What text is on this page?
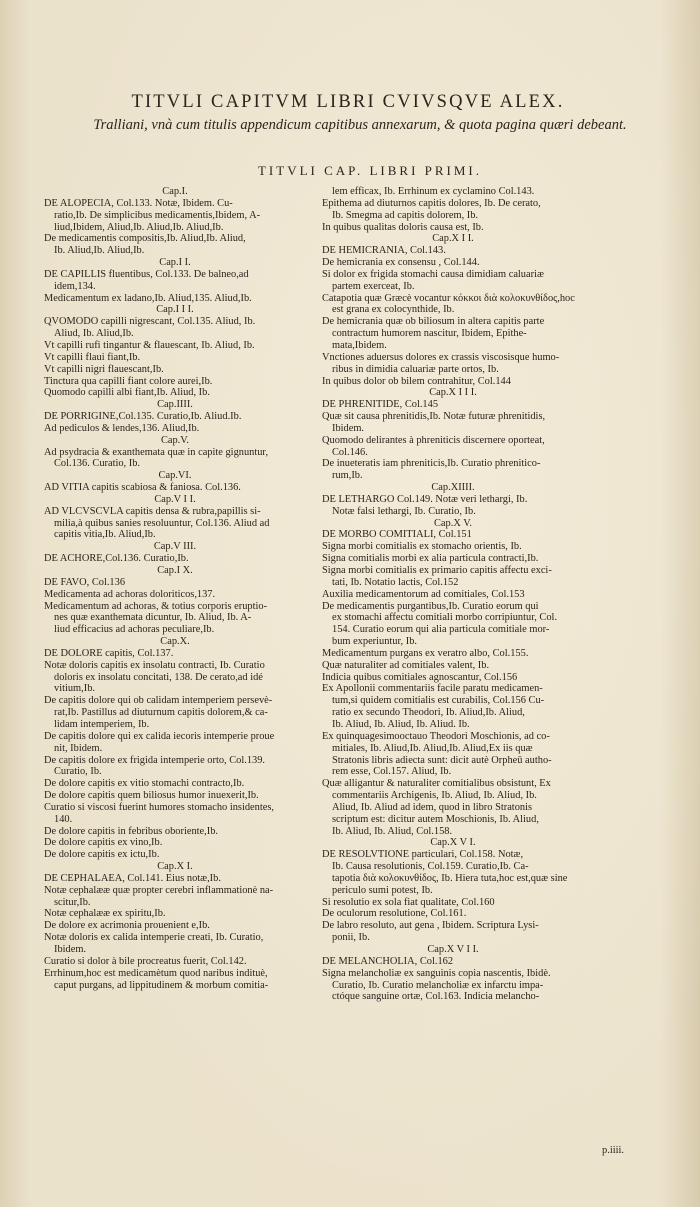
TITVLI CAPITVM LIBRI CVIVSQVE ALEX.
Tralliani, vnà cum titulis appendicum capitibus annexarum, & quota pagina quæri debeant.
TITVLI CAP. LIBRI PRIMI.
Cap.I.
DE ALOPECIA, Col.133. Notæ, Ibidem. Cu-
ratio,Ib. De simplicibus medicamentis,Ibidem, A-
liud,Ibidem, Aliud,Ib. Aliud,Ib. Aliud,Ib.
De medicamentis compositis,Ib. Aliud,Ib. Aliud,
Ib. Aliud,Ib. Aliud,Ib.
Cap.I I.
DE CAPILLIS fluentibus, Col.133. De balneo,ad
idem,134.
Medicamentum ex ladano,Ib. Aliud,135. Aliud,Ib.
Cap.I I I.
QVOMODO capilli nigrescant, Col.135. Aliud, Ib.
Aliud, Ib. Aliud,Ib.
Vt capilli rufi tingantur & flauescant, Ib. Aliud, Ib.
Vt capilli flaui fiant,Ib.
Vt capilli nigri flauescant,Ib.
Tinctura qua capilli fiant colore aurei,Ib.
Quomodo capilli albi fiant,Ib. Aliud, Ib.
Cap.IIII.
DE PORRIGINE,Col.135. Curatio,Ib. Aliud.Ib.
Ad pediculos & lendes,136. Aliud,Ib.
Cap.V.
Ad psydracia & exanthemata quæ in capite gignuntur,
Col.136. Curatio, Ib.
Cap.VI.
AD VITIA capitis scabiosa & faniosa. Col.136.
Cap.V I I.
AD VLCVSCVLA capitis densa & rubra,papillis si-
milia,à quibus sanies resoluuntur, Col.136. Aliud ad
capitis vitia,Ib. Aliud,Ib.
Cap.V III.
DE ACHORE,Col.136. Curatio,Ib.
Cap.I X.
DE FAVO, Col.136
Medicamenta ad achoras doloriticos,137.
Medicamentum ad achoras, & totius corporis eruptio-
nes quæ exanthemata dicuntur, Ib. Aliud, Ib. A-
liud efficacius ad achoras peculiare,Ib.
Cap.X.
DE DOLORE capitis, Col.137.
Notæ doloris capitis ex insolatu contracti, Ib. Curatio
doloris ex insolatu concitati, 138. De cerato,ad idé
vitium,Ib.
De capitis dolore qui ob calidam intemperiem persevè-
rat,Ib. Pastillus ad diuturnum capitis dolorem,& ca-
lidam intemperiem, Ib.
De capitis dolore qui ex calida iecoris intemperie proue
nit, Ibidem.
De capitis dolore ex frigida intemperie orto, Col.139.
Curatio, Ib.
De dolore capitis ex vitio stomachi contracto,Ib.
De dolore capitis quem biliosus humor inuexerit,Ib.
Curatio si viscosi fuerint humores stomacho insidentes,
140.
De dolore capitis in febribus oboriente,Ib.
De dolore capitis ex vino,Ib.
De dolore capitis ex ictu,Ib.
Cap.X I.
DE CEPHALAEA, Col.141. Eius notæ,Ib.
Notæ cephalææ quæ propter cerebri inflammationè na-
scitur,Ib.
Notæ cephalææ ex spiritu,Ib.
De dolore ex acrimonia prouenient e,Ib.
Notæ doloris ex calida intemperie creati, Ib. Curatio,
Ibidem.
Curatio si dolor à bile procreatus fuerit, Col.142.
Errhinum,hoc est medicamètum quod naribus indituè,
caput purgans, ad lippitudinem & morbum comitia-
lem efficax, Ib. Errhinum ex cyclamino Col.143.
Epithema ad diuturnos capitis dolores, Ib. De cerato,
Ib. Smegma ad capitis dolorem, Ib.
In quibus qualitas doloris causa est, Ib.
Cap.X I I.
DE HEMICRANIA, Col.143.
De hemicrania ex consensu , Col.144.
Si dolor ex frigida stomachi causa dimidiam caluariæ
partem exerceat, Ib.
Catapotia quæ Græcè vocantur κόκκοι διὰ κολοκυνθίδος,hoc
est grana ex colocynthide, Ib.
De hemicrania quæ ob biliosum in altera capitis parte
contractum humorem nascitur, Ibidem, Epithe-
mata,Ibidem.
Vnctiones aduersus dolores ex crassis viscosisque humo-
ribus in dimidia caluariæ parte ortos, Ib.
In quibus dolor ob bilem contrahitur, Col.144
Cap.X I I I.
DE PHRENITIDE, Col.145
Quæ sit causa phrenitidis,Ib. Notæ futuræ phrenitidis,
Ibidem.
Quomodo delirantes à phreniticis discernere oporteat,
Col.146.
De inueteratis iam phreniticis,Ib. Curatio phrenitico-
rum,Ib.
Cap.XIIII.
DE LETHARGO Col.149. Notæ veri lethargi, Ib.
Notæ falsi lethargi, Ib. Curatio, Ib.
Cap.X V.
DE MORBO COMITIALI, Col.151
Signa morbi comitialis ex stomacho orientis, Ib.
Signa comitialis morbi ex alia particula contracti,Ib.
Signa morbi comitialis ex primario capitis affectu exci-
tati, Ib. Notatio lactis, Col.152
Auxilia medicamentorum ad comitiales, Col.153
De medicamentis purgantibus,Ib. Curatio eorum qui
ex stomachi affectu comitiali morbo corripiuntur, Col.
154. Curatio eorum qui alia particula comitiale mor-
bum experiuntur, Ib.
Medicamentum purgans ex veratro albo, Col.155.
Quæ naturaliter ad comitiales valent, Ib.
Indicia quibus comitiales agnoscantur, Col.156
Ex Apollonii commentariis facile paratu medicamen-
tum,si quidem comitialis est curabilis, Col.156 Cu-
ratio ex secundo Theodori, Ib. Aliud,Ib. Aliud,
Ib. Aliud, Ib. Aliud, Ib. Aliud. Ib.
Ex quinquagesimooctauo Theodori Moschionis, ad co-
mitiales, Ib. Aliud,Ib. Aliud,Ib. Aliud,Ex iis quæ
Stratonis libris adiecta sunt: dicit autè Orpheū autho-
rem esse, Col.157. Aliud, Ib.
Quæ alligantur & naturaliter comitialibus obsistunt, Ex
commentariis Archigenis, Ib. Aliud, Ib. Aliud, Ib.
Aliud, Ib. Aliud ad idem, quod in libro Stratonis
scriptum est: dicitur autem Moschionis, Ib. Aliud,
Ib. Aliud, Ib. Aliud, Col.158.
Cap.X V I.
DE RESOLVTIONE particulari, Col.158. Notæ,
Ib. Causa resolutionis, Col.159. Curatio,Ib. Ca-
tapotia διὰ κολοκυνθίδος, Ib. Hiera tuta,hoc est,quæ sine
periculo sumi potest, Ib.
Si resolutio ex sola fiat qualitate, Col.160
De oculorum resolutione, Col.161.
De labro resoluto, aut gena , Ibidem. Scriptura Lysi-
ponii, Ib.
Cap.X V I I.
DE MELANCHOLIA, Col.162
Signa melancholiæ ex sanguinis copia nascentis, Ibidè.
Curatio, Ib. Curatio melancholiæ ex infarctu impa-
ctóque sanguine ortæ, Col.163. Indicia melancho-
p.iiii.
